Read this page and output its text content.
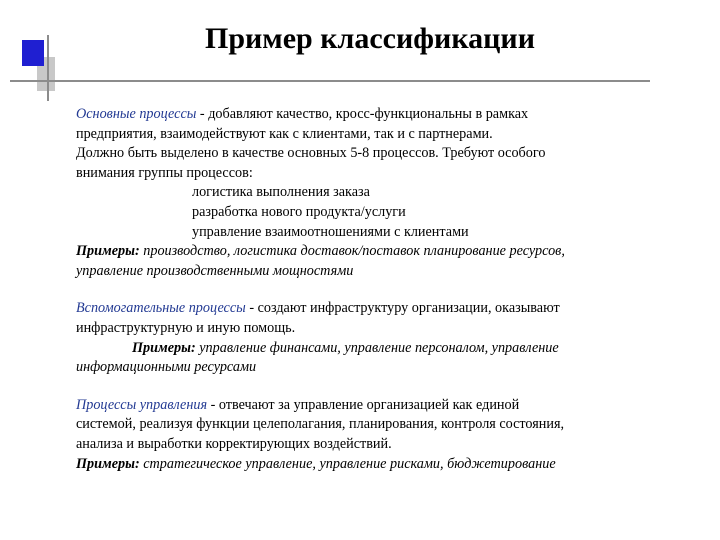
Пример классификации

Основные процессы - добавляют качество, кросс-функциональны в рамках

предприятия, взаимодействуют как с клиентами, так и с партнерами.

Должно быть выделено в качестве основных 5-8 процессов. Требуют особого

внимания группы процессов:

логистика выполнения заказа

разработка нового продукта/услуги

управление взаимоотношениями с клиентами

Примеры: производство, логистика доставок/поставок планирование ресурсов,

управление производственными мощностями

Вспомогательные процессы - создают инфраструктуру организации, оказывают

инфраструктурную и иную помощь.

Примеры: управление финансами, управление персоналом, управление

информационными ресурсами

Процессы управления - отвечают за управление организацией как единой

системой, реализуя функции целеполагания, планирования, контроля состояния,

анализа и выработки корректирующих воздействий.

Примеры: стратегическое управление, управление рисками, бюджетирование
